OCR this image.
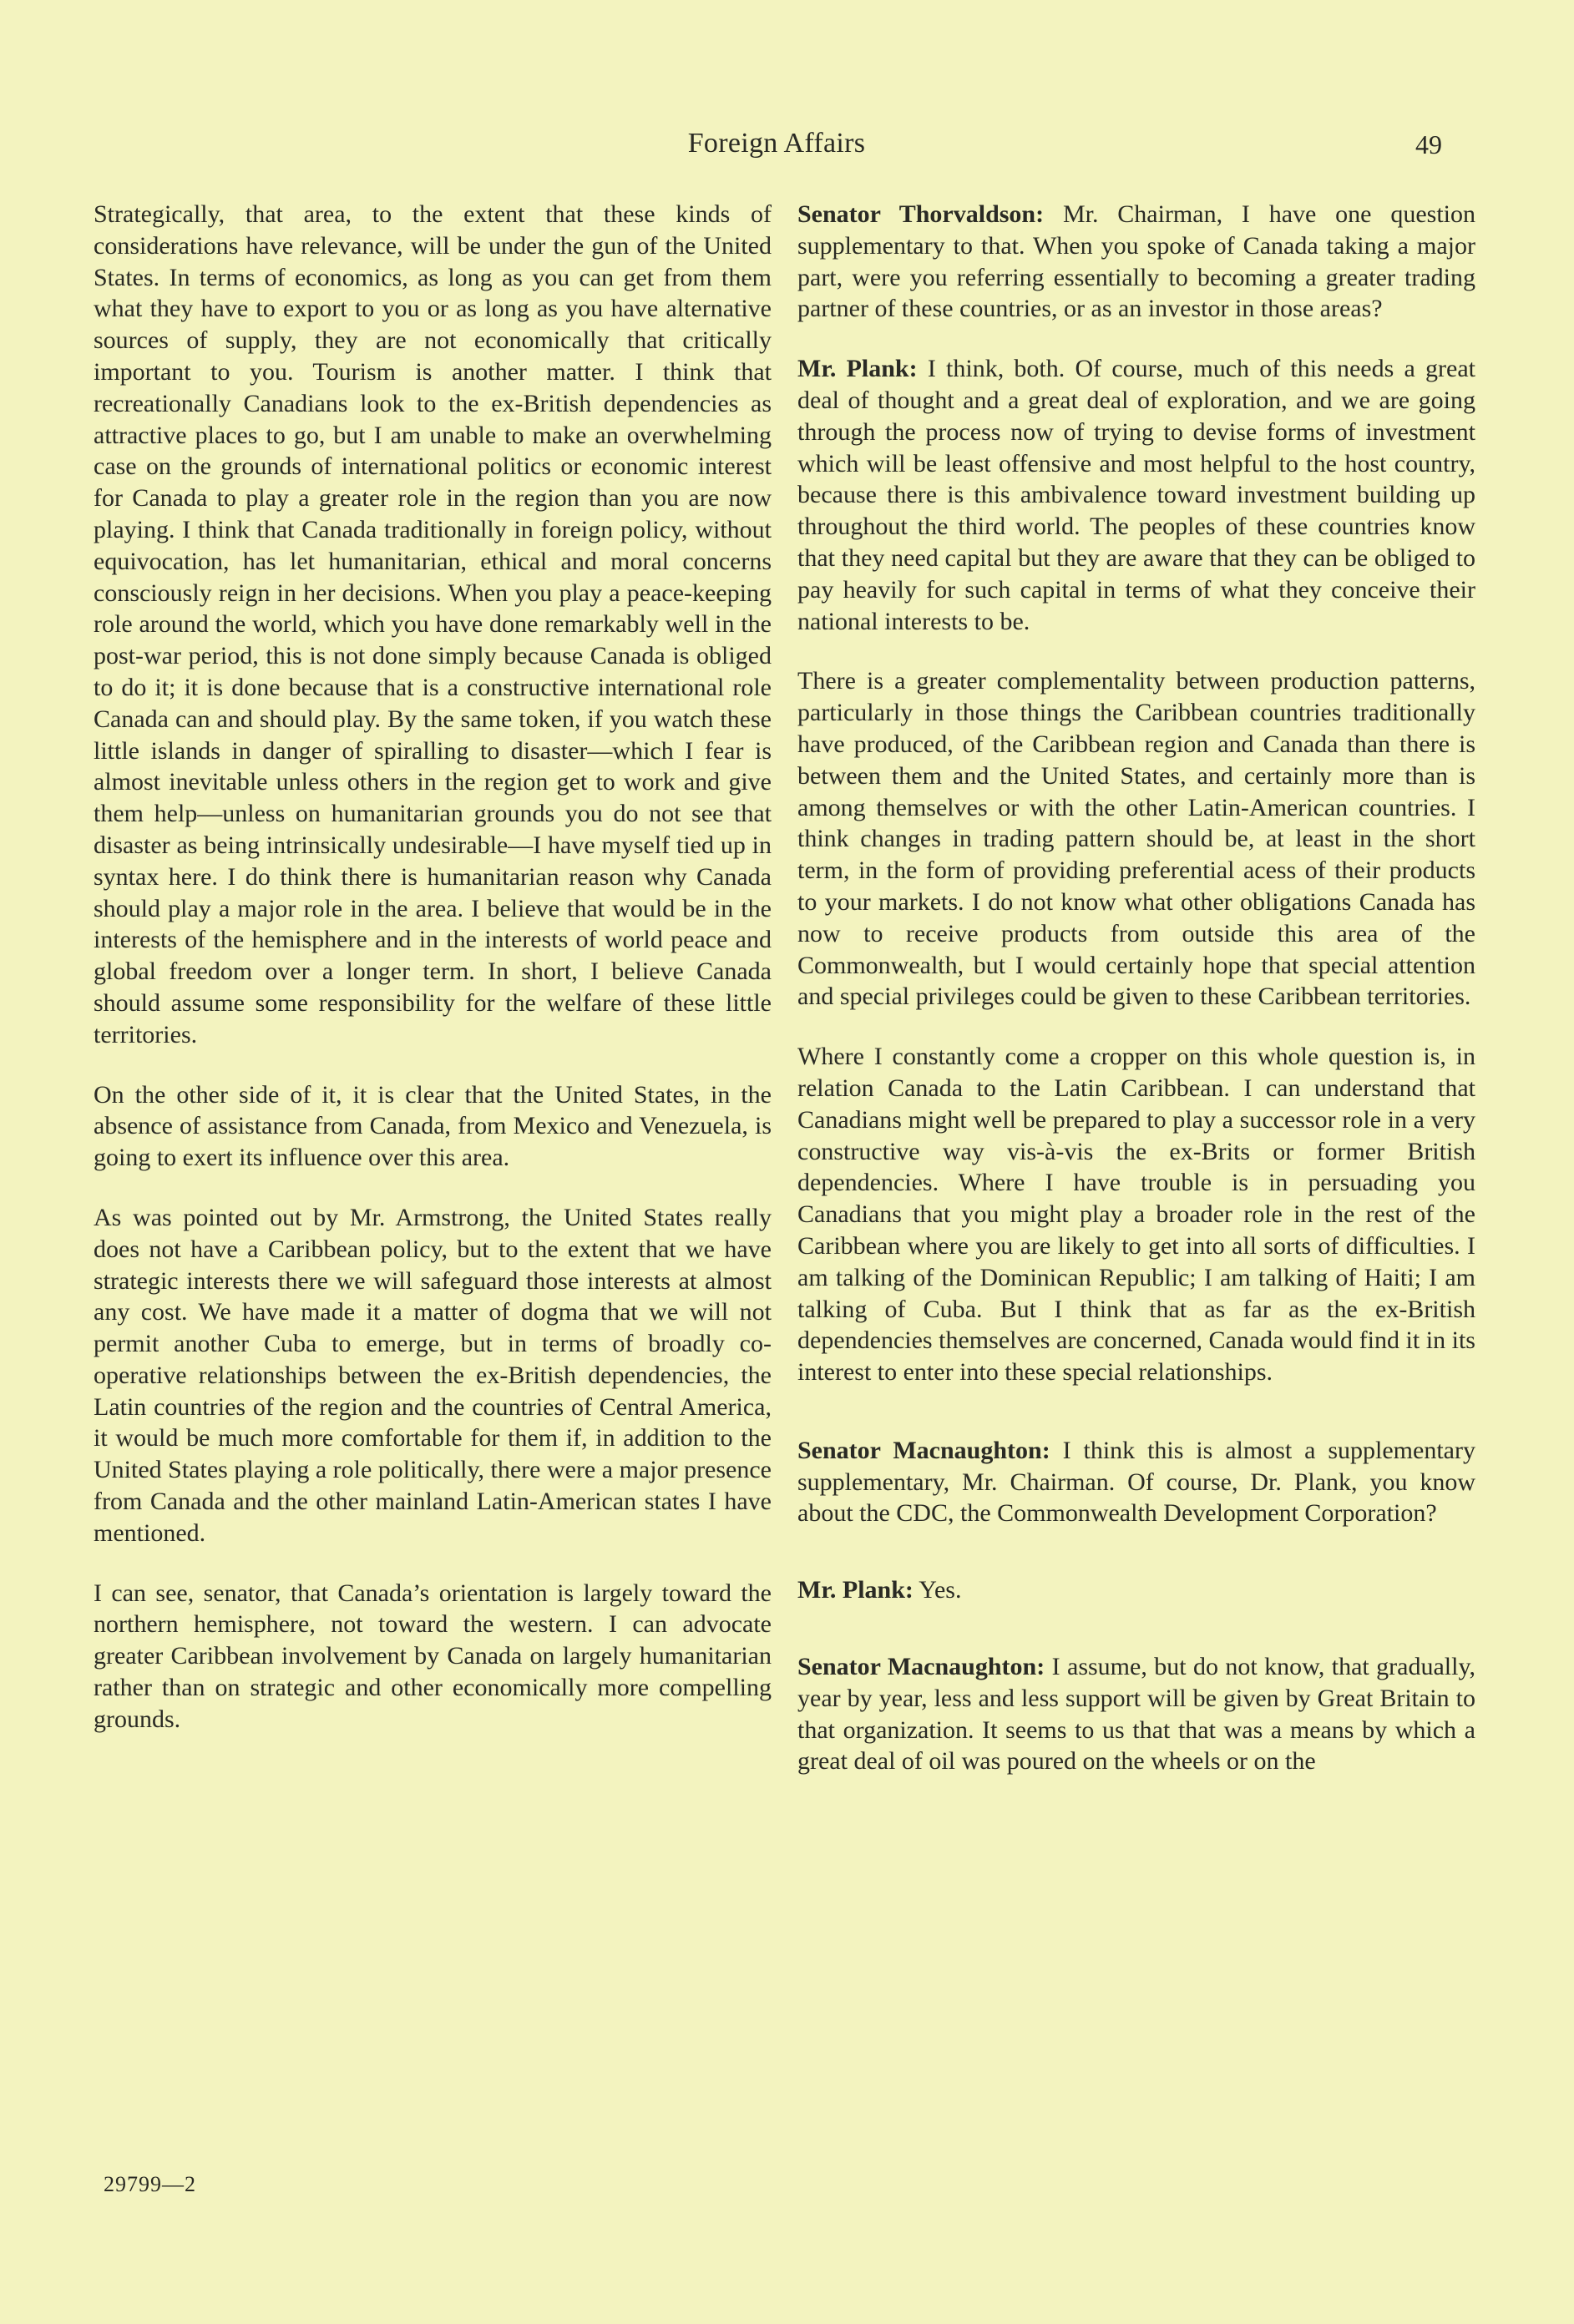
Foreign Affairs	49

Strategically, that area, to the extent that these kinds of considerations have relevance, will be under the gun of the United States. In terms of economics, as long as you can get from them what they have to export to you or as long as you have alternative sources of supply, they are not economically that critically important to you. Tourism is another matter. I think that recreationally Canadians look to the ex-British dependencies as attractive places to go, but I am unable to make an overwhelming case on the grounds of international politics or economic interest for Canada to play a greater role in the region than you are now playing. I think that Canada traditionally in foreign policy, without equivocation, has let humanitarian, ethical and moral concerns consciously reign in her decisions. When you play a peace-keeping role around the world, which you have done remarkably well in the post-war period, this is not done simply because Canada is obliged to do it; it is done because that is a constructive international role Canada can and should play. By the same token, if you watch these little islands in danger of spiralling to disaster—which I fear is almost inevitable unless others in the region get to work and give them help—unless on humanitarian grounds you do not see that disaster as being intrinsically undesirable—I have myself tied up in syntax here. I do think there is humanitarian reason why Canada should play a major role in the area. I believe that would be in the interests of the hemisphere and in the interests of world peace and global freedom over a longer term. In short, I believe Canada should assume some responsibility for the welfare of these little territories.

On the other side of it, it is clear that the United States, in the absence of assistance from Canada, from Mexico and Venezuela, is going to exert its influence over this area.

As was pointed out by Mr. Armstrong, the United States really does not have a Caribbean policy, but to the extent that we have strategic interests there we will safeguard those interests at almost any cost. We have made it a matter of dogma that we will not permit another Cuba to emerge, but in terms of broadly co-operative relationships between the ex-British dependencies, the Latin countries of the region and the countries of Central America, it would be much more comfortable for them if, in addition to the United States playing a role politically, there were a major presence from Canada and the other mainland Latin-American states I have mentioned.

I can see, senator, that Canada’s orientation is largely toward the northern hemisphere, not toward the western. I can advocate greater Caribbean involvement by Canada on largely humanitarian rather than on strategic and other economically more compelling grounds.

Senator Thorvaldson: Mr. Chairman, I have one question supplementary to that. When you spoke of Canada taking a major part, were you referring essentially to becoming a greater trading partner of these countries, or as an investor in those areas?

Mr. Plank: I think, both. Of course, much of this needs a great deal of thought and a great deal of exploration, and we are going through the process now of trying to devise forms of investment which will be least offensive and most helpful to the host country, because there is this ambivalence toward investment building up throughout the third world. The peoples of these countries know that they need capital but they are aware that they can be obliged to pay heavily for such capital in terms of what they conceive their national interests to be.

There is a greater complementality between production patterns, particularly in those things the Caribbean countries traditionally have produced, of the Caribbean region and Canada than there is between them and the United States, and certainly more than is among themselves or with the other Latin-American countries. I think changes in trading pattern should be, at least in the short term, in the form of providing preferential acess of their products to your markets. I do not know what other obligations Canada has now to receive products from outside this area of the Commonwealth, but I would certainly hope that special attention and special privileges could be given to these Caribbean territories.

Where I constantly come a cropper on this whole question is, in relation Canada to the Latin Caribbean. I can understand that Canadians might well be prepared to play a successor role in a very constructive way vis-à-vis the ex-Brits or former British dependencies. Where I have trouble is in persuading you Canadians that you might play a broader role in the rest of the Caribbean where you are likely to get into all sorts of difficulties. I am talking of the Dominican Republic; I am talking of Haiti; I am talking of Cuba. But I think that as far as the ex-British dependencies themselves are concerned, Canada would find it in its interest to enter into these special relationships.

Senator Macnaughton: I think this is almost a supplementary supplementary, Mr. Chairman. Of course, Dr. Plank, you know about the CDC, the Commonwealth Development Corporation?

Mr. Plank: Yes.

Senator Macnaughton: I assume, but do not know, that gradually, year by year, less and less support will be given by Great Britain to that organization. It seems to us that that was a means by which a great deal of oil was poured on the wheels or on the

29799—2
